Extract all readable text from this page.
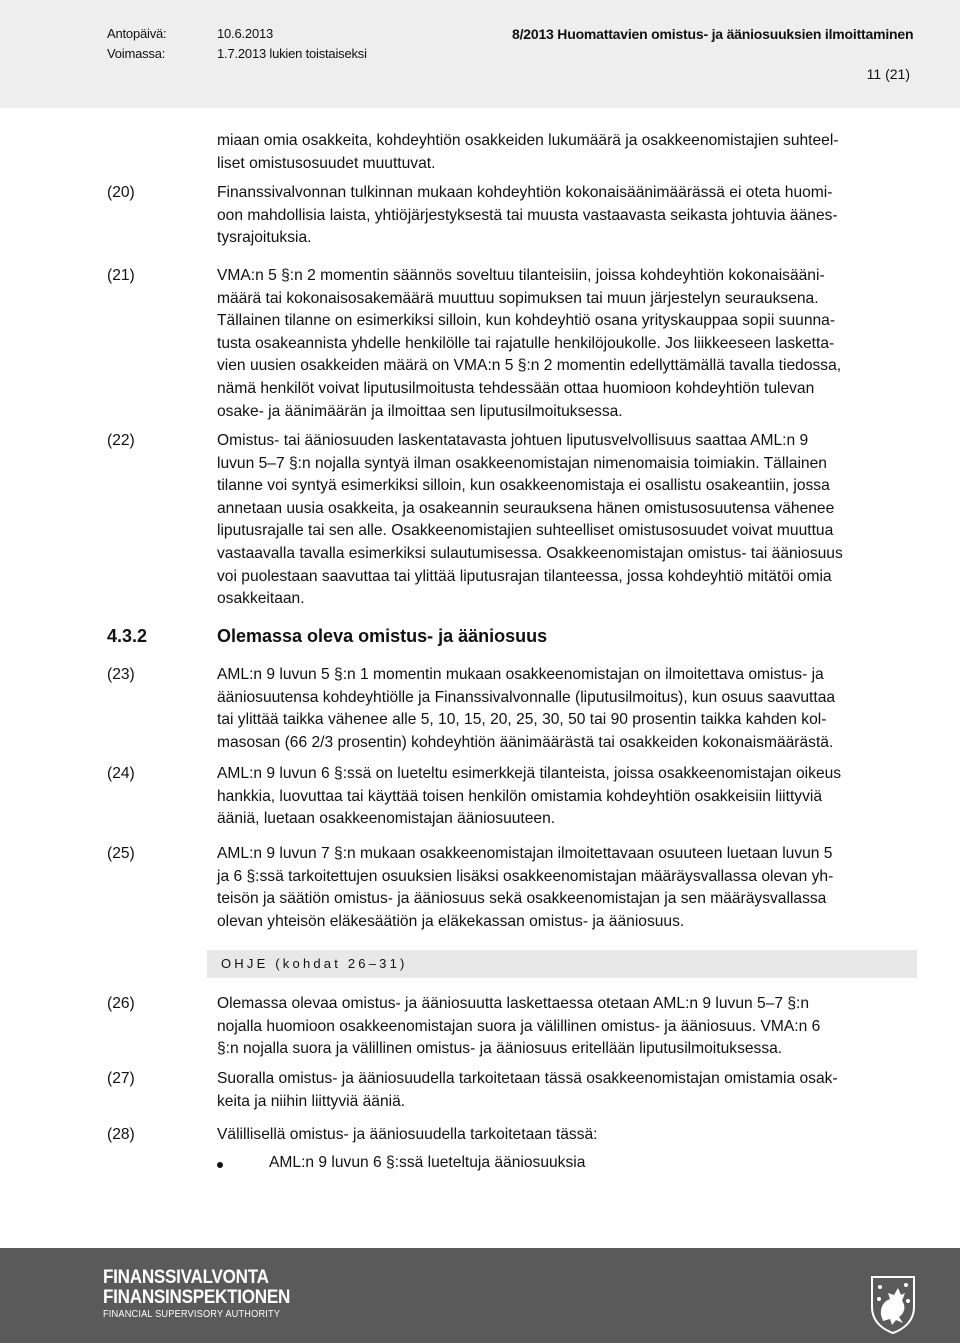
Antopäivä:	10.6.2013	8/2013 Huomattavien omistus- ja ääniosuuksien ilmoittaminen
Voimassa:	1.7.2013 lukien toistaiseksi
11 (21)
miaan omia osakkeita, kohdeyhtiön osakkeiden lukumäärä ja osakkeenomistajien suhteel-
liset omistusosuudet muuttuvat.
(20)	Finanssivalvonnan tulkinnan mukaan kohdeyhtiön kokonaisäänimäärässä ei oteta huomi-
oon mahdollisia laista, yhtiöjärjestyksestä tai muusta vastaavasta seikasta johtuvia äänes-
tysrajoituksia.
(21)	VMA:n 5 §:n 2 momentin säännös soveltuu tilanteisiin, joissa kohdeyhtiön kokonaisääni-
määrä tai kokonaisosakemäärä muuttuu sopimuksen tai muun järjestelyn seurauksena.
Tällainen tilanne on esimerkiksi silloin, kun kohdeyhtiö osana yrityskauppaa sopii suunna-
tusta osakeannista yhdelle henkilölle tai rajatulle henkilöjoukolle. Jos liikkeeseen lasketta-
vien uusien osakkeiden määrä on VMA:n 5 §:n 2 momentin edellyttämällä tavalla tiedossa,
nämä henkilöt voivat liputusilmoitusta tehdessään ottaa huomioon kohdeyhtiön tulevan
osake- ja äänimäärän ja ilmoittaa sen liputusilmoituksessa.
(22)	Omistus- tai ääniosuuden laskentatavasta johtuen liputusvelvollisuus saattaa AML:n 9
luvun 5–7 §:n nojalla syntyä ilman osakkeenomistajan nimenomaisia toimiakin. Tällainen
tilanne voi syntyä esimerkiksi silloin, kun osakkeenomistaja ei osallistu osakeantiin, jossa
annetaan uusia osakkeita, ja osakeannin seurauksena hänen omistusosuutensa vähenee
liputusrajalle tai sen alle. Osakkeenomistajien suhteelliset omistusosuudet voivat muuttua
vastaavalla tavalla esimerkiksi sulautumisessa. Osakkeenomistajan omistus- tai ääniosuus
voi puolestaan saavuttaa tai ylittää liputusrajan tilanteessa, jossa kohdeyhtiö mitätöi omia
osakkeitaan.
4.3.2	Olemassa oleva omistus- ja ääniosuus
(23)	AML:n 9 luvun 5 §:n 1 momentin mukaan osakkeenomistajan on ilmoitettava omistus- ja
ääniosuutensa kohdeyhtiölle ja Finanssivalvonnalle (liputusilmoitus), kun osuus saavuttaa
tai ylittää taikka vähenee alle 5, 10, 15, 20, 25, 30, 50 tai 90 prosentin taikka kahden kol-
masosan (66 2/3 prosentin) kohdeyhtiön äänimäärästä tai osakkeiden kokonaismäärästä.
(24)	AML:n 9 luvun 6 §:ssä on lueteltu esimerkkejä tilanteista, joissa osakkeenomistajan oikeus
hankkia, luovuttaa tai käyttää toisen henkilön omistamia kohdeyhtiön osakkeisiin liittyviä
ääniä, luetaan osakkeenomistajan ääniosuuteen.
(25)	AML:n 9 luvun 7 §:n mukaan osakkeenomistajan ilmoitettavaan osuuteen luetaan luvun 5
ja 6 §:ssä tarkoitettujen osuuksien lisäksi osakkeenomistajan määräysvallassa olevan yh-
teisön ja säätiön omistus- ja ääniosuus sekä osakkeenomistajan ja sen määräysvallassa
olevan yhteisön eläkesäätiön ja eläkekassan omistus- ja ääniosuus.
OHJE (kohdat 26–31)
(26)	Olemassa olevaa omistus- ja ääniosuutta laskettaessa otetaan AML:n 9 luvun 5–7 §:n
nojalla huomioon osakkeenomistajan suora ja välillinen omistus- ja ääniosuus. VMA:n 6
§:n nojalla suora ja välillinen omistus- ja ääniosuus eritellään liputusilmoituksessa.
(27)	Suoralla omistus- ja ääniosuudella tarkoitetaan tässä osakkeenomistajan omistamia osak-
keita ja niihin liittyviä ääniä.
(28)	Välillisellä omistus- ja ääniosuudella tarkoitetaan tässä:
AML:n 9 luvun 6 §:ssä lueteltuja ääniosuuksia
FINANSSIVALVONTA
FINANSINSPEKTIONEN
FINANCIAL SUPERVISORY AUTHORITY
